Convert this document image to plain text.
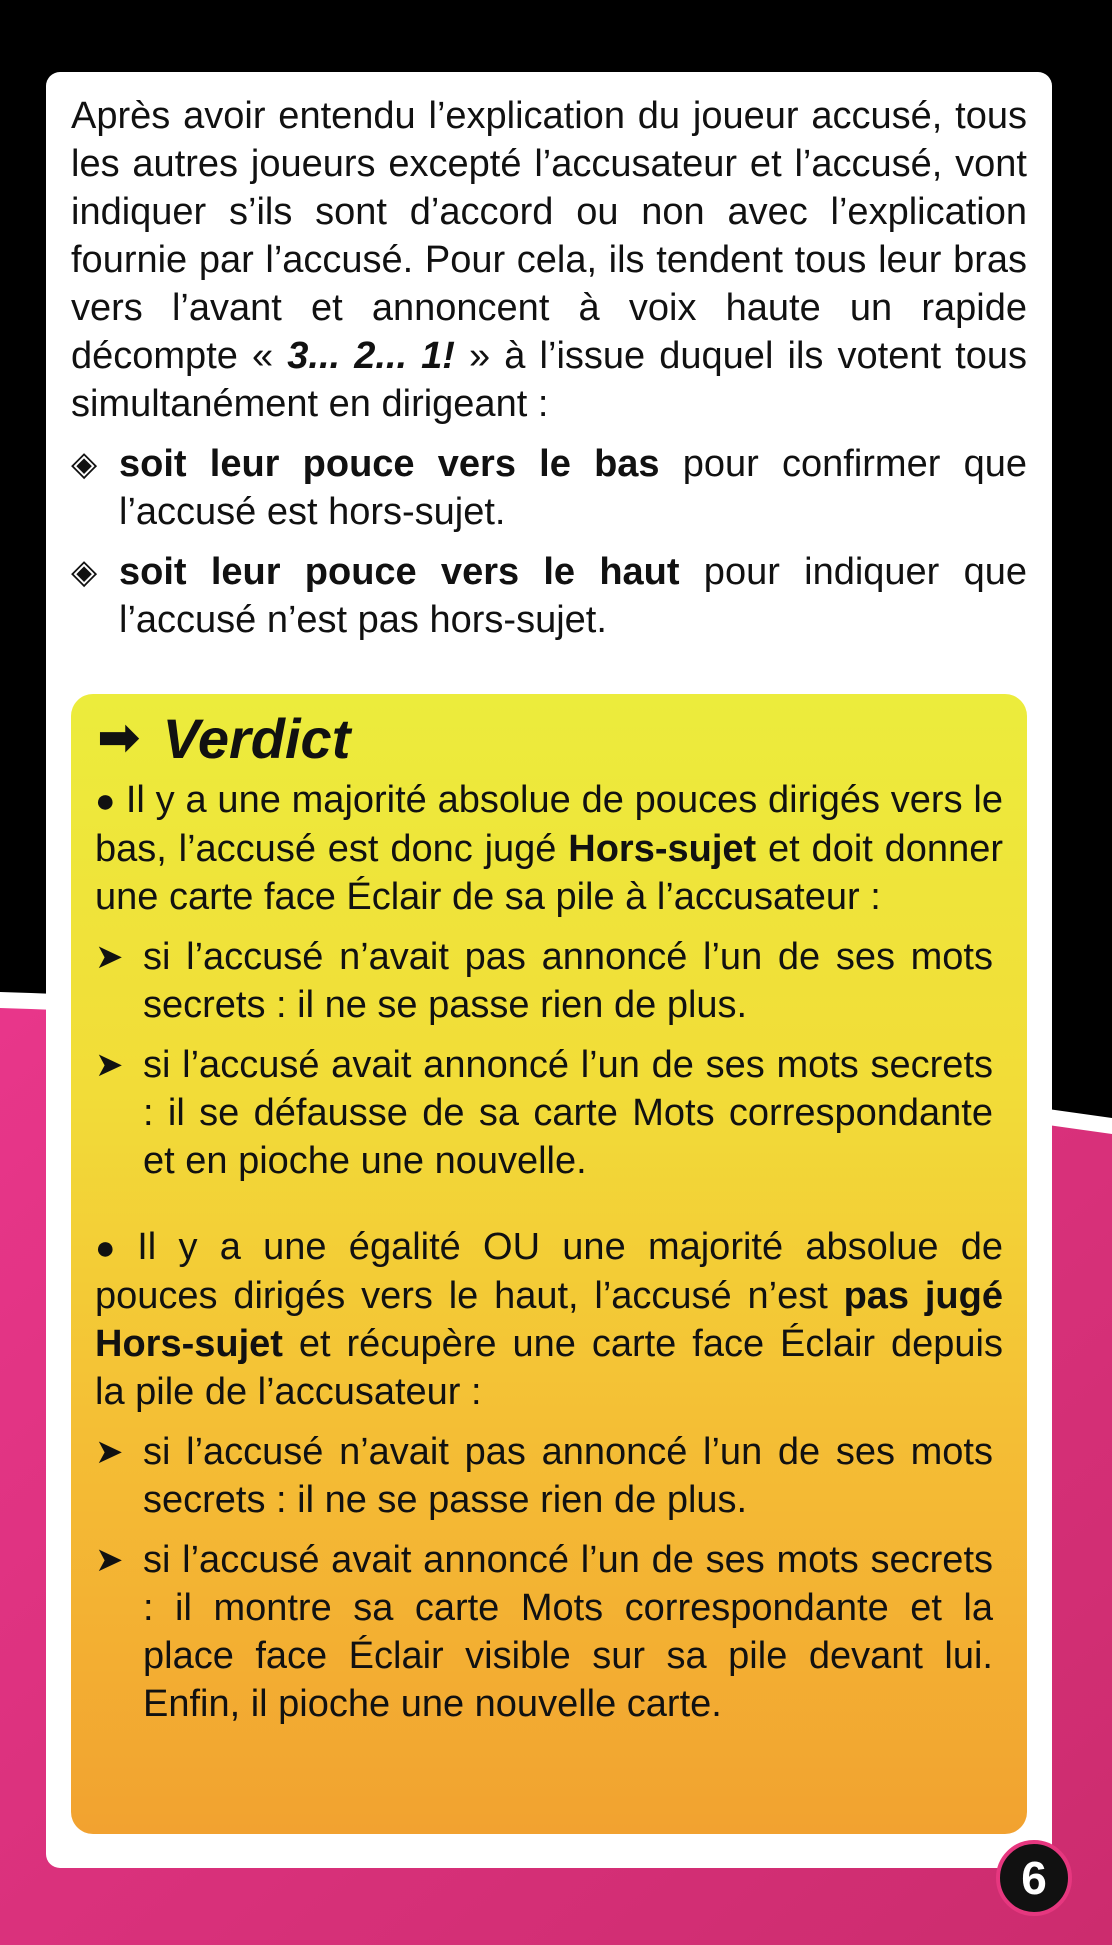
Après avoir entendu l’explication du joueur accusé, tous les autres joueurs excepté l’accusateur et l’accusé, vont indiquer s’ils sont d’accord ou non avec l’explication fournie par l’accusé. Pour cela, ils tendent tous leur bras vers l’avant et annoncent à voix haute un rapide décompte « 3... 2... 1! » à l’issue duquel ils votent tous simultanément en dirigeant :

◈ soit leur pouce vers le bas pour confirmer que l’accusé est hors-sujet.
◈ soit leur pouce vers le haut pour indiquer que l’accusé n’est pas hors-sujet.
➡ Verdict

● Il y a une majorité absolue de pouces dirigés vers le bas, l’accusé est donc jugé Hors-sujet et doit donner une carte face Éclair de sa pile à l’accusateur :

➤ si l’accusé n’avait pas annoncé l’un de ses mots secrets : il ne se passe rien de plus.
➤ si l’accusé avait annoncé l’un de ses mots secrets : il se défausse de sa carte Mots correspondante et en pioche une nouvelle.

● Il y a une égalité OU une majorité absolue de pouces dirigés vers le haut, l’accusé n’est pas jugé Hors-sujet et récupère une carte face Éclair depuis la pile de l’accusateur :

➤ si l’accusé n’avait pas annoncé l’un de ses mots secrets : il ne se passe rien de plus.
➤ si l’accusé avait annoncé l’un de ses mots secrets : il montre sa carte Mots correspondante et la place face Éclair visible sur sa pile devant lui. Enfin, il pioche une nouvelle carte.
6
